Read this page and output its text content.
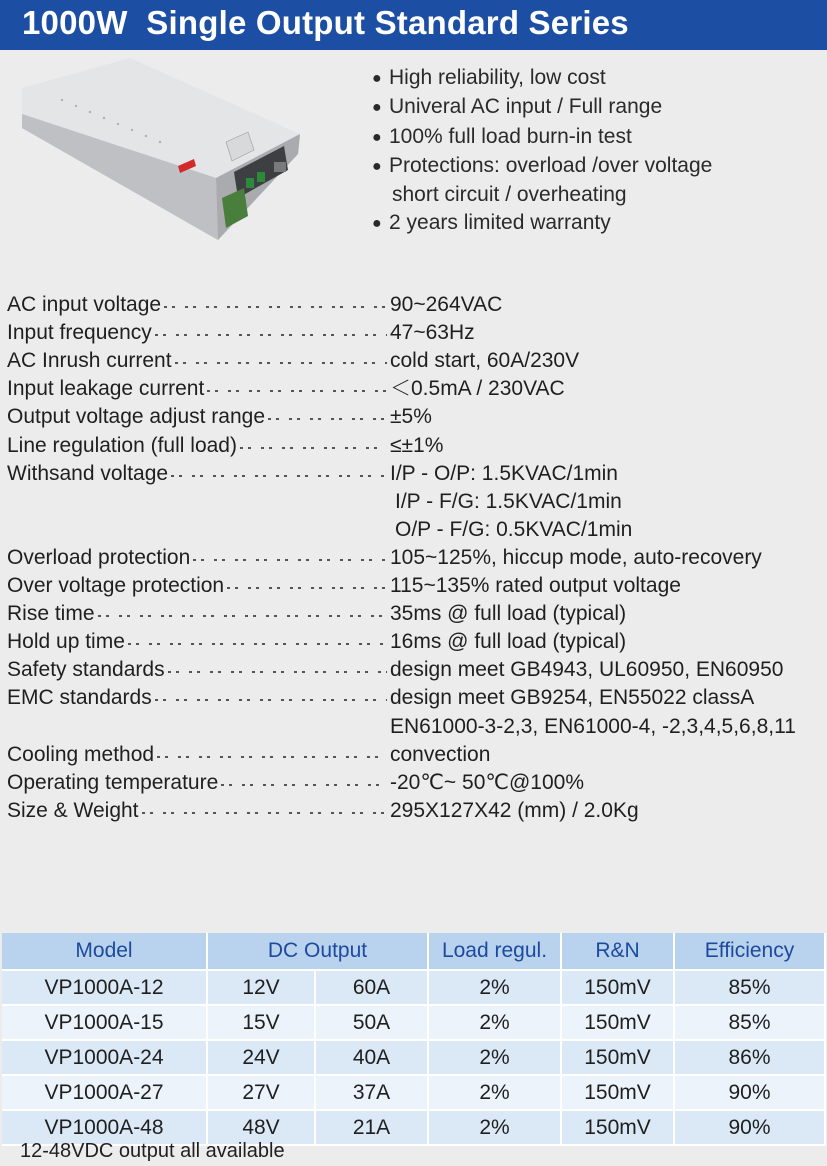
1000W  Single Output Standard Series
● High reliability, low cost
● Univeral AC input / Full range
● 100% full load burn-in test
● Protections: overload /over voltage
short circuit / overheating
● 2 years limited warranty
AC input voltage	90~264VAC
Input frequency	47~63Hz
AC Inrush current	cold start, 60A/230V
Input leakage current	＜0.5mA / 230VAC
Output voltage adjust range	±5%
Line regulation (full load)	≤±1%
Withsand voltage	I/P - O/P: 1.5KVAC/1min
I/P - F/G: 1.5KVAC/1min
O/P - F/G: 0.5KVAC/1min
Overload protection	105~125%, hiccup mode, auto-recovery
Over voltage protection	115~135% rated output voltage
Rise time	35ms @ full load (typical)
Hold up time	16ms @ full load (typical)
Safety standards	design meet GB4943, UL60950, EN60950
EMC standards	design meet GB9254, EN55022 classA
EN61000-3-2,3, EN61000-4, -2,3,4,5,6,8,11
Cooling method	convection
Operating temperature	-20℃~ 50℃@100%
Size & Weight	295X127X42 (mm) / 2.0Kg
Model	DC Output		Load regul.	R&N	Efficiency
VP1000A-12	12V	60A	2%	150mV	85%
VP1000A-15	15V	50A	2%	150mV	85%
VP1000A-24	24V	40A	2%	150mV	86%
VP1000A-27	27V	37A	2%	150mV	90%
VP1000A-48	48V	21A	2%	150mV	90%
12-48VDC output all available
